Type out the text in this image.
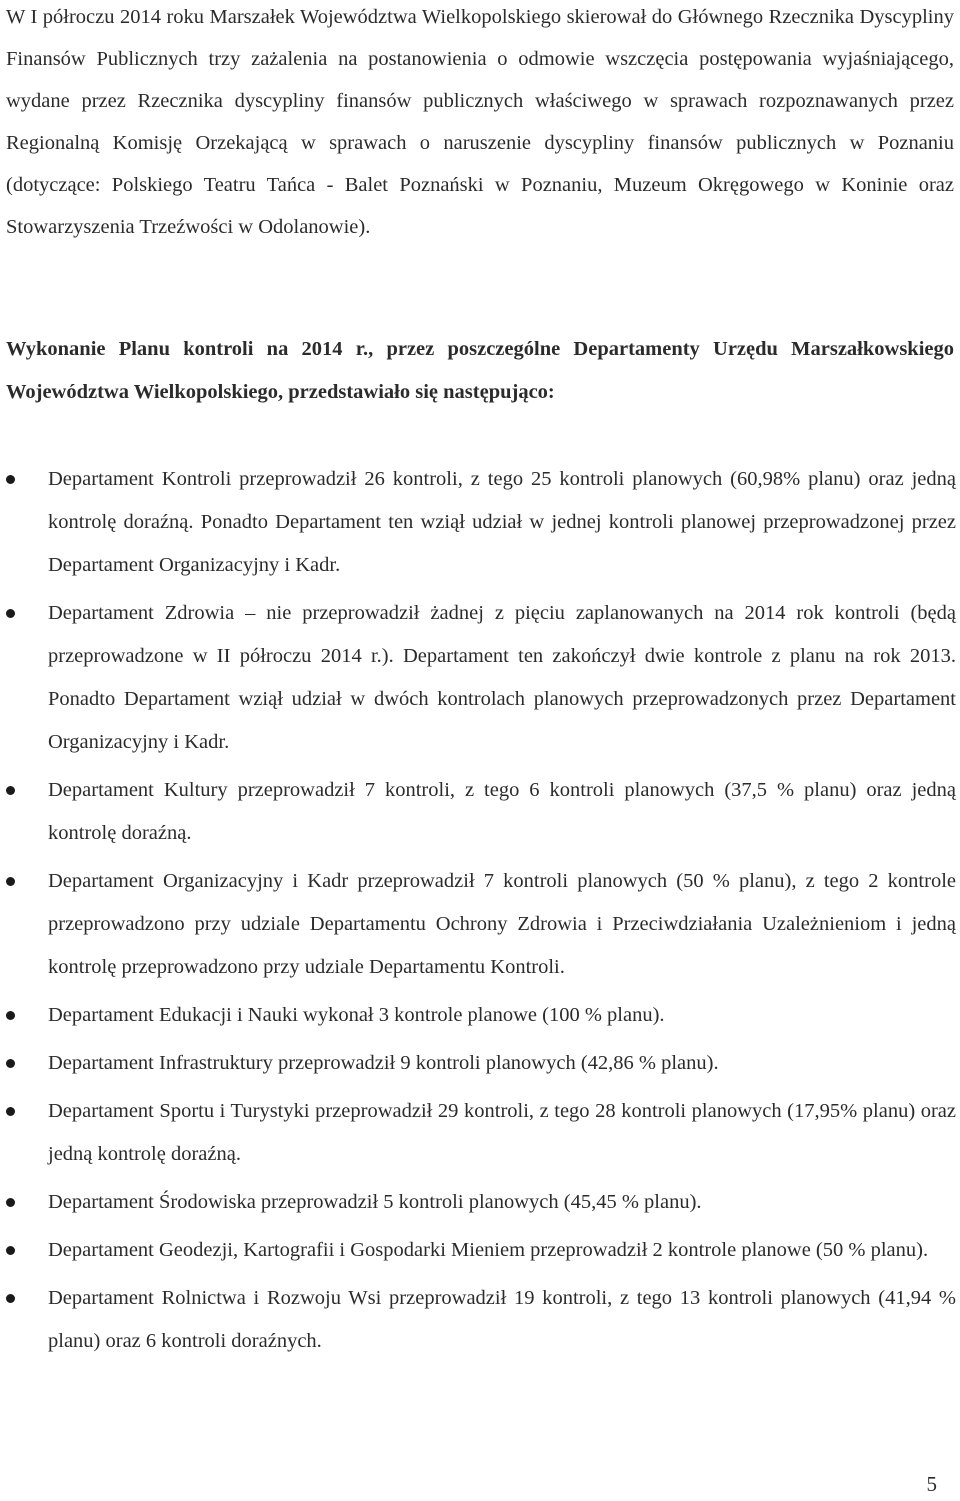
W I półroczu 2014 roku Marszałek Województwa Wielkopolskiego skierował do Głównego Rzecznika Dyscypliny Finansów Publicznych trzy zażalenia na postanowienia o odmowie wszczęcia postępowania wyjaśniającego, wydane przez Rzecznika dyscypliny finansów publicznych właściwego w sprawach rozpoznawanych przez Regionalną Komisję Orzekającą w sprawach o naruszenie dyscypliny finansów publicznych w Poznaniu (dotyczące: Polskiego Teatru Tańca - Balet Poznański w Poznaniu, Muzeum Okręgowego w Koninie oraz Stowarzyszenia Trzeźwości w Odolanowie).

Wykonanie Planu kontroli na 2014 r., przez poszczególne Departamenty Urzędu Marszałkowskiego Województwa Wielkopolskiego, przedstawiało się następująco:

Departament Kontroli przeprowadził 26 kontroli, z tego 25 kontroli planowych (60,98% planu) oraz jedną kontrolę doraźną. Ponadto Departament ten wziął udział w jednej kontroli planowej przeprowadzonej przez Departament Organizacyjny i Kadr.
Departament Zdrowia – nie przeprowadził żadnej z pięciu zaplanowanych na 2014 rok kontroli (będą przeprowadzone w II półroczu 2014 r.). Departament ten zakończył dwie kontrole z planu na rok 2013. Ponadto Departament wziął udział w dwóch kontrolach planowych przeprowadzonych przez Departament Organizacyjny i Kadr.
Departament Kultury przeprowadził 7 kontroli, z tego 6 kontroli planowych (37,5 % planu) oraz jedną kontrolę doraźną.
Departament Organizacyjny i Kadr przeprowadził 7 kontroli planowych (50 % planu), z tego 2 kontrole przeprowadzono przy udziale Departamentu Ochrony Zdrowia i Przeciwdziałania Uzależnieniom i jedną kontrolę przeprowadzono przy udziale Departamentu Kontroli.
Departament Edukacji i Nauki wykonał 3 kontrole planowe (100 % planu).
Departament Infrastruktury przeprowadził 9 kontroli planowych (42,86 % planu).
Departament Sportu i Turystyki przeprowadził 29 kontroli, z tego 28 kontroli planowych (17,95% planu) oraz jedną kontrolę doraźną.
Departament Środowiska przeprowadził 5 kontroli planowych (45,45 % planu).
Departament Geodezji, Kartografii i Gospodarki Mieniem przeprowadził 2 kontrole planowe (50 % planu).
Departament Rolnictwa i Rozwoju Wsi przeprowadził 19 kontroli, z tego 13 kontroli planowych (41,94 % planu) oraz 6 kontroli doraźnych.
5
